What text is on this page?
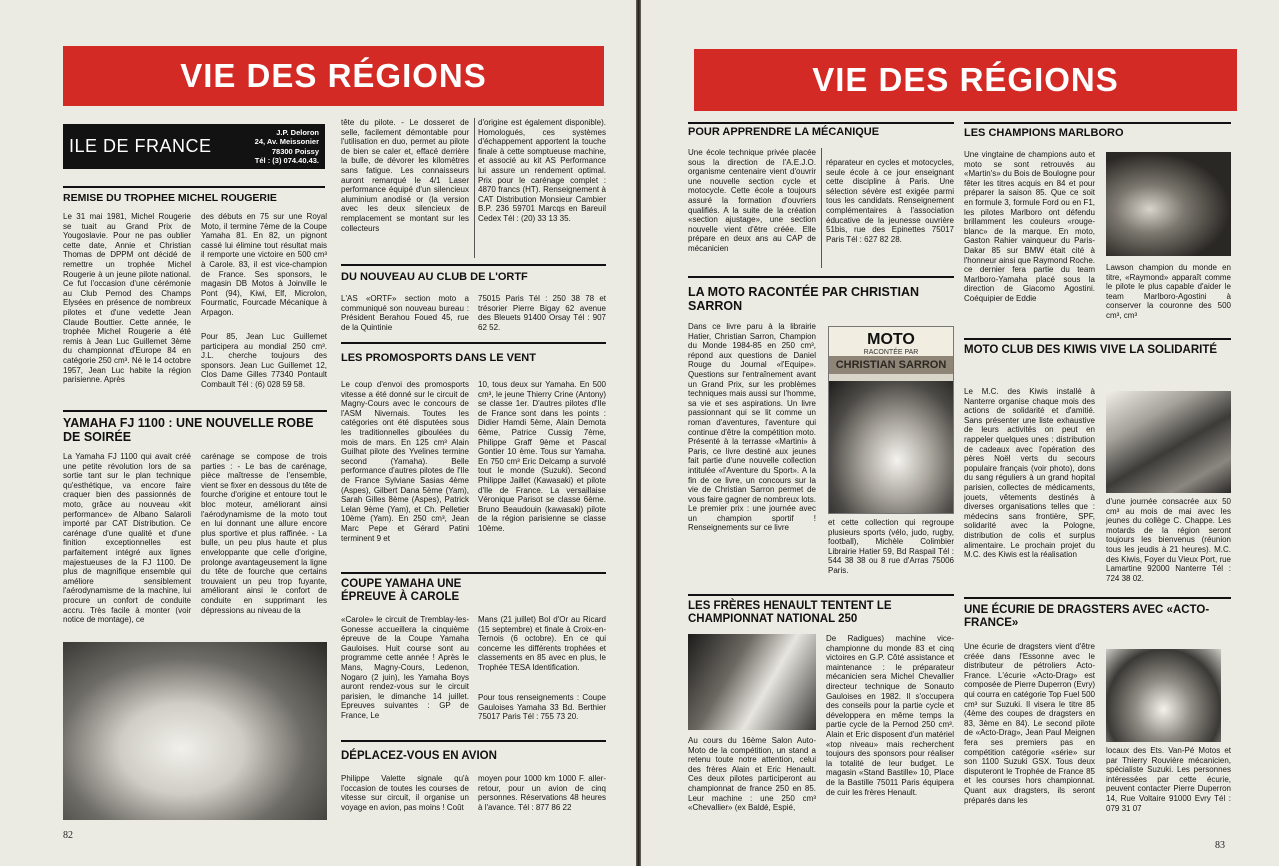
VIE DES RÉGIONS
ILE DE FRANCE
J.P. Deloron
24, Av. Meissonier
78300 Poissy
Tél : (3) 074.40.43.
REMISE DU TROPHEE MICHEL ROUGERIE

Le 31 mai 1981, Michel Rougerie se tuait au Grand Prix de Yougoslavie. Pour ne pas oublier cette date, Annie et Christian Thomas de DPPM ont décidé de remettre un trophée Michel Rougerie à un jeune pilote national. Ce fut l'occasion d'une cérémonie au Club Pernod des Champs Elysées en présence de nombreux pilotes et d'une vedette Jean Claude Bouttier. Cette année, le trophée Michel Rougerie a été remis à Jean Luc Guillemet 3ème du championnat d'Europe 84 en catégorie 250 cm³. Né le 14 octobre 1957, Jean Luc habite la région parisienne. Après

des débuts en 75 sur une Royal Moto, il termine 7ème de la Coupe Yamaha 81. En 82, un pignont cassé lui élimine tout résultat mais il remporte une victoire en 500 cm³ à Carole. 83, il est vice-champion de France. Ses sponsors, le magasin DB Motos à Joinville le Pont (94), Kiwi, Elf, Microlon, Fourmatic, Fourcade Mécanique à Arpagon.

Pour 85, Jean Luc Guillemet participera au mondial 250 cm³. J.L. cherche toujours des sponsors. Jean Luc Guillemet 12, Clos Dame Gilles 77340 Pontault Combault Tél : (6) 028 59 58.

YAMAHA FJ 1100 : UNE NOUVELLE ROBE DE SOIRÉE

La Yamaha FJ 1100 qui avait créé une petite révolution lors de sa sortie tant sur le plan technique qu'esthétique, va encore faire craquer bien des passionnés de moto, grâce au nouveau «kit performance» de Albano Salaroli importé par CAT Distribution. Ce carénage d'une qualité et d'une finition exceptionnelles est parfaitement intégré aux lignes majestueuses de la FJ 1100. De plus de magnifique ensemble qui améliore sensiblement l'aérodynamisme de la machine, lui procure un confort de conduite accru. Très facile à monter (voir notice de montage), ce

carénage se compose de trois parties : - Le bas de carénage, pièce maîtresse de l'ensemble, vient se fixer en dessous du tête de fourche d'origine et entoure tout le bloc moteur, améliorant ainsi l'aérodynamisme de la moto tout en lui donnant une allure encore plus sportive et plus raffinée. - La bulle, un peu plus haute et plus enveloppante que celle d'origine, prolonge avantageusement la ligne du tête de fourche que certains trouvaient un peu trop fuyante, améliorant ainsi le confort de conduite en supprimant les dépressions au niveau de la

tête du pilote. - Le dosseret de selle, facilement démontable pour l'utilisation en duo, permet au pilote de bien se caler et, effacé derrière la bulle, de dévorer les kilomètres sans fatigue. Les connaisseurs auront remarqué le 4/1 Laser performance équipé d'un silencieux aluminium anodisé or (la version avec les deux silencieux de remplacement se montant sur les collecteurs

d'origine est également disponible). Homologués, ces systèmes d'échappement apportent la touche finale à cette somptueuse machine, et associé au kit AS Performance lui assure un rendement optimal. Prix pour le carénage complet : 4870 francs (HT). Renseignement à CAT Distribution Monsieur Cambier B.P. 236 59701 Marcqs en Bareuil Cedex Tél : (20) 33 13 35.

DU NOUVEAU AU CLUB DE L'ORTF

L'AS «ORTF» section moto a communiqué son nouveau bureau : Président Berahou Foued 45, rue de la Quintinie

75015 Paris Tél : 250 38 78 et trésorier Pierre Bigay 62 avenue des Bleuets 91400 Orsay Tél : 907 62 52.

LES PROMOSPORTS DANS LE VENT

Le coup d'envoi des promosports vitesse a été donné sur le circuit de Magny-Cours avec le concours de l'ASM Nivernais. Toutes les catégories ont été disputées sous les traditionnelles giboulées du mois de mars. En 125 cm³ Alain Guilhat pilote des Yvelines termine second (Yamaha). Belle performance d'autres pilotes de l'Ile de France Sylviane Sasias 4ème (Aspes), Gilbert Dana 5ème (Yam), Sarah Gilles 8ème (Aspes), Patrick Lelan 9ème (Yam), et Ch. Pelletier 10ème (Yam). En 250 cm³, Jean Marc Pepe et Gérard Patini terminent 9 et

10, tous deux sur Yamaha. En 500 cm³, le jeune Thierry Crine (Antony) se classe 1er. D'autres pilotes d'Ile de France sont dans les points : Didier Hamdi 5ème, Alain Demota 6ème, Patrice Cussig 7ème, Philippe Graff 9ème et Pascal Gontier 10 ème. Tous sur Yamaha. En 750 cm³ Eric Delcamp a survolé tout le monde (Suzuki). Second Philippe Jaillet (Kawasaki) et pilote d'Ile de France. La versaillaise Véronique Parisot se classe 6ème. Bruno Beaudouin (kawasaki) pilote de la région parisienne se classe 10ème.

COUPE YAMAHA UNE ÉPREUVE À CAROLE

«Carole» le circuit de Tremblay-les-Gonesse accueillera la cinquième épreuve de la Coupe Yamaha Gauloises. Huit course sont au programme cette année ! Après le Mans, Magny-Cours, Ledenon, Nogaro (2 juin), les Yamaha Boys auront rendez-vous sur le circuit parisien, le dimanche 14 juillet. Epreuves suivantes : GP de France, Le

Mans (21 juillet) Bol d'Or au Ricard (15 septembre) et finale à Croix-en-Ternois (6 octobre). En ce qui concerne les différents trophées et classements en 85 avec en plus, le Trophée TESA Identification.

Pour tous renseignements : Coupe Gauloises Yamaha 33 Bd. Berthier 75017 Paris Tél : 755 73 20.

DÉPLACEZ-VOUS EN AVION

Philippe Valette signale qu'à l'occasion de toutes les courses de vitesse sur circuit, il organise un voyage en avion, pas moins ! Coût

moyen pour 1000 km 1000 F. aller-retour, pour un avion de cinq personnes. Réservations 48 heures à l'avance. Tél : 877 86 22

82
VIE DES RÉGIONS
POUR APPRENDRE LA MÉCANIQUE

Une école technique privée placée sous la direction de l'A.E.J.O. organisme centenaire vient d'ouvrir une nouvelle section cycle et motocycle. Cette école a toujours assuré la formation d'ouvriers qualifiés. A la suite de la création «section ajustage», une section nouvelle vient d'être créée. Elle prépare en deux ans au CAP de mécanicien

réparateur en cycles et motocycles, seule école à ce jour enseignant cette discipline à Paris. Une sélection sévère est exigée parmi tous les candidats. Renseignement complémentaires à l'association éducative de la jeunesse ouvrière 51bis, rue des Epinettes 75017 Paris Tél : 627 82 28.

LA MOTO RACONTÉE PAR CHRISTIAN SARRON

Dans ce livre paru à la librairie Hatier, Christian Sarron, Champion du Monde 1984-85 en 250 cm³, répond aux questions de Daniel Rouge du Journal «l'Equipe». Questions sur l'entraînement avant un Grand Prix, sur les problèmes techniques mais aussi sur l'homme, sa vie et ses aspirations. Un livre passionnant qui se lit comme un roman d'aventures, l'aventure qui continue d'être la compétition moto. Présenté à la terrasse «Martini» à Paris, ce livre destiné aux jeunes fait partie d'une nouvelle collection intitulée «l'Aventure du Sport». A la fin de ce livre, un concours sur la vie de Christian Sarron permet de vous faire gagner de nombreux lots. Le premier prix : une journée avec un champion sportif ! Renseignements sur ce livre

MOTO
RACONTÉE PAR
CHRISTIAN SARRON

et cette collection qui regroupe plusieurs sports (vélo, judo, rugby, football), Michèle Colimbier Librairie Hatier 59, Bd Raspail Tél : 544 38 38 ou 8 rue d'Arras 75006 Paris.

LES FRÈRES HENAULT TENTENT LE CHAMPIONNAT NATIONAL 250

Au cours du 16ème Salon Auto-Moto de la compétition, un stand a retenu toute notre attention, celui des frères Alain et Eric Henault. Ces deux pilotes participeront au championnat de france 250 en 85. Leur machine : une 250 cm³ «Chevallier» (ex Baldé, Espié,

De Radigues) machine vice-championne du monde 83 et cinq victoires en G.P. Côté assistance et maintenance : le préparateur mécanicien sera Michel Chevallier directeur technique de Sonauto Gauloises en 1982. Il s'occupera des conseils pour la partie cycle et développera en même temps la partie cycle de la Pernod 250 cm³. Alain et Eric disposent d'un matériel «top niveau» mais recherchent toujours des sponsors pour réaliser la totalité de leur budget. Le magasin «Stand Bastille» 10, Place de la Bastille 75011 Paris équipera de cuir les frères Henault.

LES CHAMPIONS MARLBORO

Une vingtaine de champions auto et moto se sont retrouvés au «Martin's» du Bois de Boulogne pour fêter les titres acquis en 84 et pour préparer la saison 85. Que ce soit en formule 3, formule Ford ou en F1, les pilotes Marlboro ont défendu brillamment les couleurs «rouge-blanc» de la marque. En moto, Gaston Rahier vainqueur du Paris-Dakar 85 sur BMW était cité à l'honneur ainsi que Raymond Roche. ce dernier fera partie du team Marlboro-Yamaha placé sous la direction de Giacomo Agostini. Coéquipier de Eddie

Lawson champion du monde en titre, «Raymond» apparaît comme le pilote le plus capable d'aider le team Marlboro-Agostini à conserver la couronne des 500 cm³, cm³

MOTO CLUB DES KIWIS VIVE LA SOLIDARITÉ

Le M.C. des Kiwis installé à Nanterre organise chaque mois des actions de solidarité et d'amitié. Sans présenter une liste exhaustive de leurs activités on peut en rappeler quelques unes : distribution de cadeaux avec l'opération des pères Noël verts du secours populaire français (voir photo), dons du sang réguliers à un grand hopital parisien, collectes de médicaments, jouets, vêtements destinés à diverses organisations telles que : médecins sans frontière, SPF, solidarité avec la Pologne, distribution de colis et surplus alimentaire. Le prochain projet du M.C. des Kiwis est la réalisation

d'une journée consacrée aux 50 cm³ au mois de mai avec les jeunes du collège C. Chappe. Les motards de la région seront toujours les bienvenus (réunion tous les jeudis à 21 heures). M.C. des Kiwis, Foyer du Vieux Port, rue Lamartine 92000 Nanterre Tél : 724 38 02.

UNE ÉCURIE DE DRAGSTERS AVEC «ACTO-FRANCE»

Une écurie de dragsters vient d'être créée dans l'Essonne avec le distributeur de pétroliers Acto-France. L'écurie «Acto-Drag» est composée de Pierre Duperron (Evry) qui courra en catégorie Top Fuel 500 cm³ sur Suzuki. Il visera le titre 85 (4ème des coupes de dragsters en 83, 3ème en 84). Le second pilote de «Acto-Drag», Jean Paul Meignen fera ses premiers pas en compétition catégorie «série» sur son 1100 Suzuki GSX. Tous deux disputeront le Trophée de France 85 et les courses hors championnat. Quant aux dragsters, ils seront préparés dans les

locaux des Ets. Van-Pé Motos et par Thierry Rouvière mécanicien, spécialiste Suzuki. Les personnes intéressées par cette écurie, peuvent contacter Pierre Duperron 14, Rue Voltaire 91000 Evry Tél : 079 31 07

83
